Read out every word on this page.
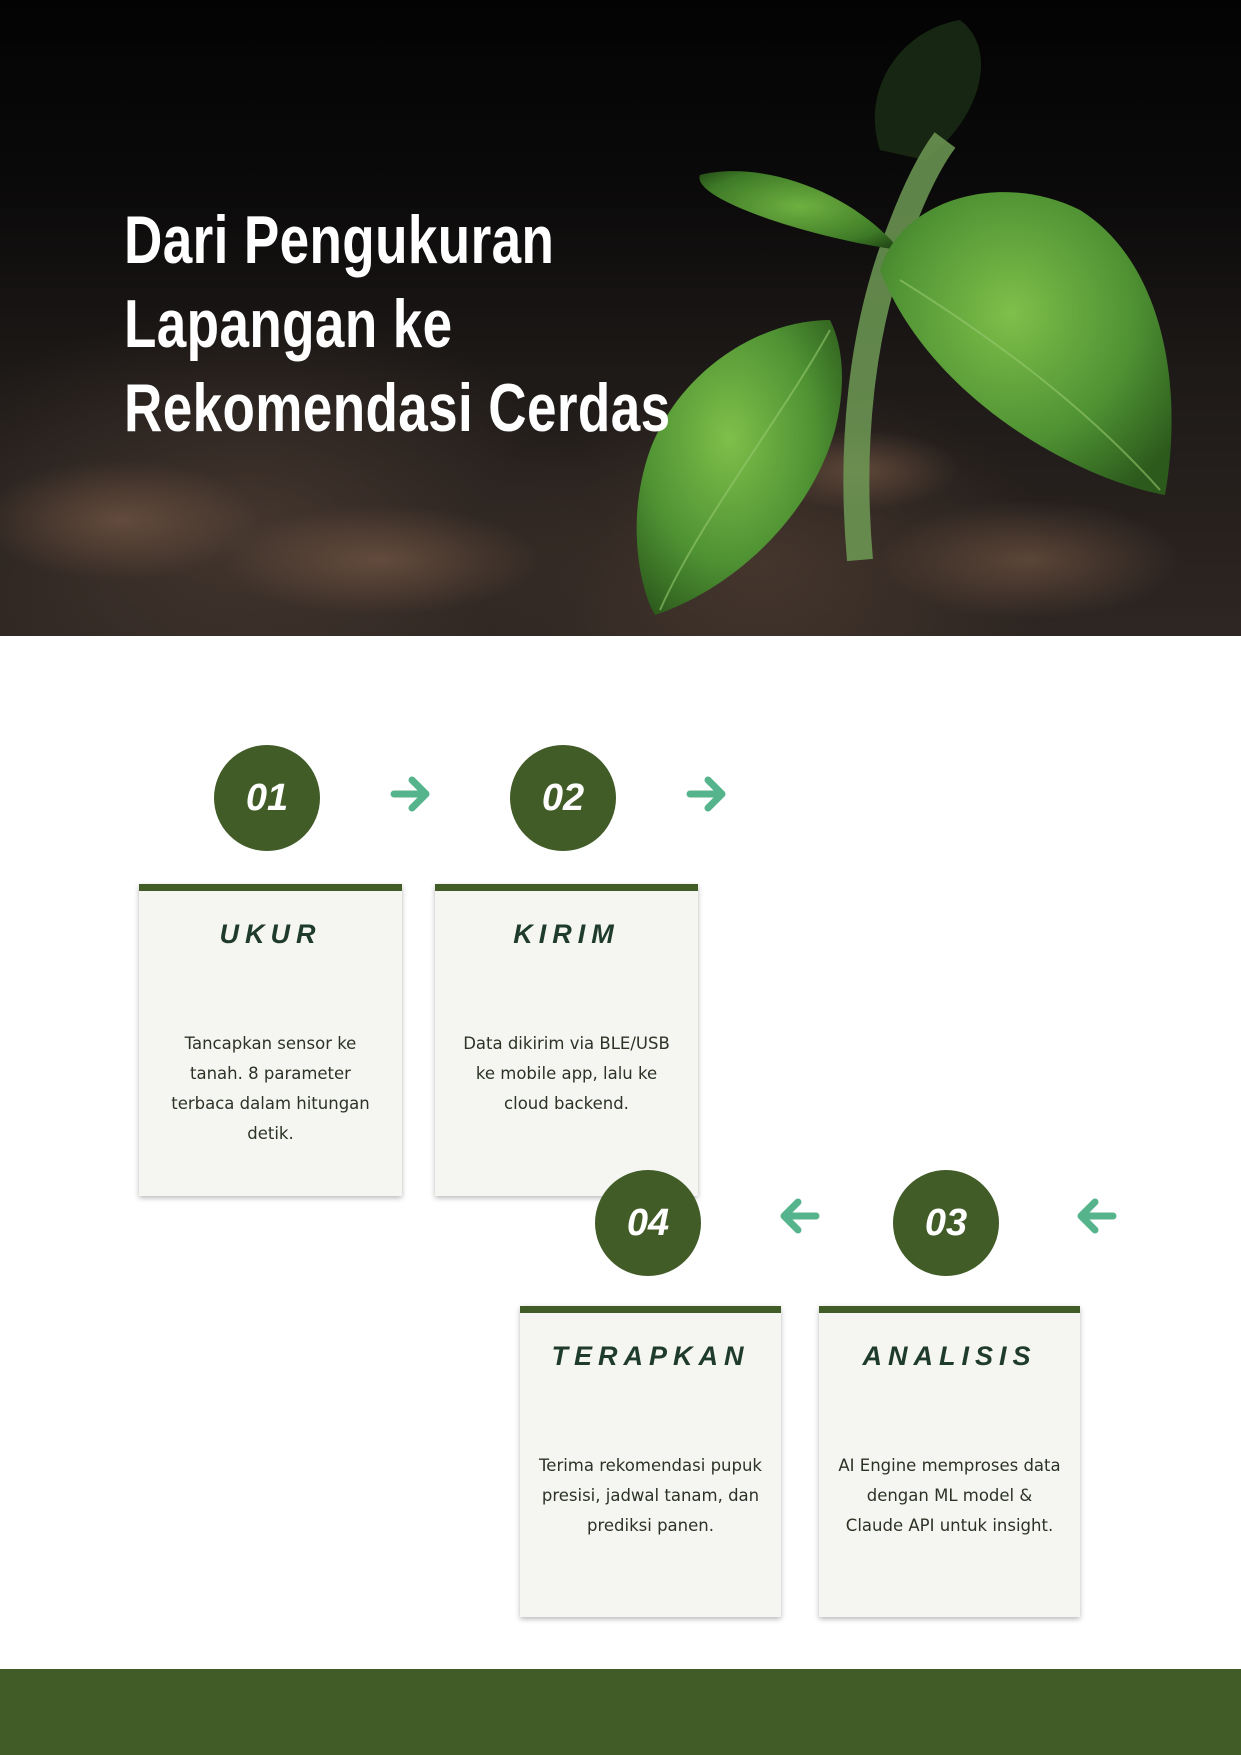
Dari Pengukuran Lapangan ke
Rekomendasi Cerdas
01	02
UKUR
Tancapkan sensor ke tanah. 8 parameter terbaca dalam hitungan detik.
KIRIM
Data dikirim via BLE/USB ke mobile app, lalu ke cloud backend.
04	03
TERAPKAN
Terima rekomendasi pupuk presisi, jadwal tanam, dan prediksi panen.
ANALISIS
AI Engine memproses data dengan ML model & Claude API untuk insight.
